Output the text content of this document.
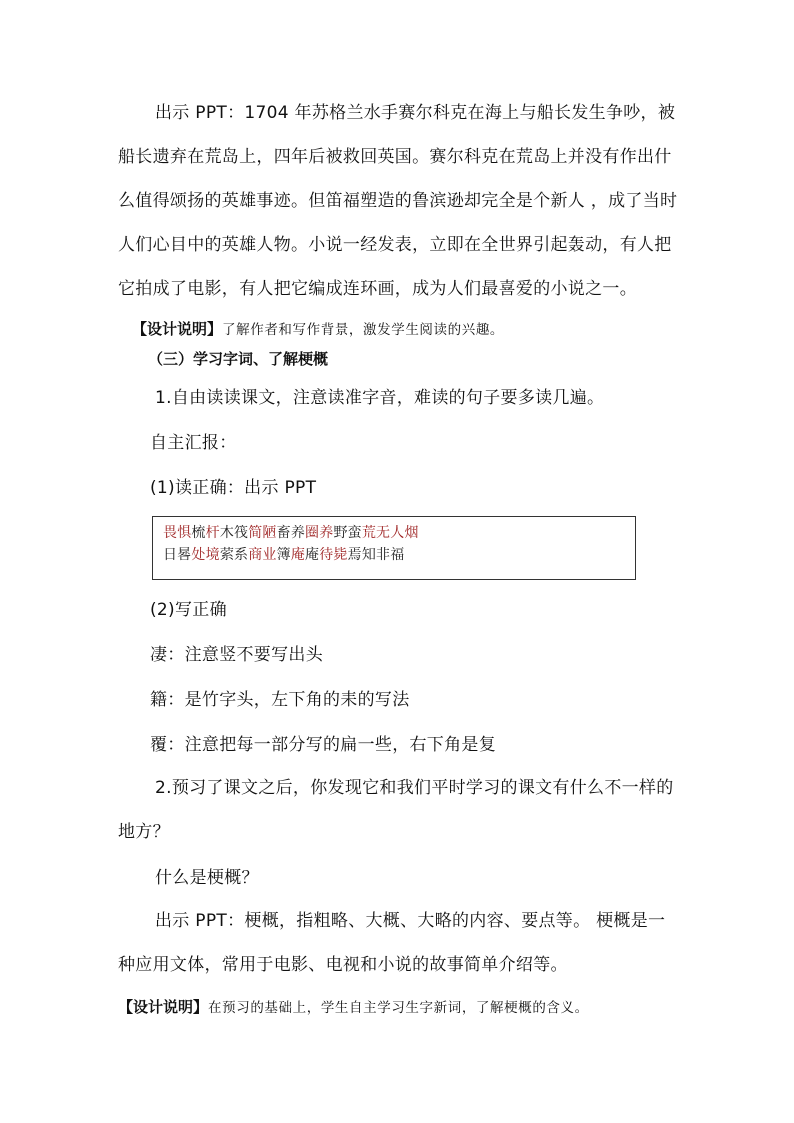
出示 PPT：1704 年苏格兰水手赛尔科克在海上与船长发生争吵，被
船长遗弃在荒岛上，四年后被救回英国。赛尔科克在荒岛上并没有作出什
么值得颂扬的英雄事迹。但笛福塑造的鲁滨逊却完全是个新人 ，成了当时
人们心目中的英雄人物。小说一经发表，立即在全世界引起轰动，有人把
它拍成了电影，有人把它编成连环画，成为人们最喜爱的小说之一。

【设计说明】了解作者和写作背景，激发学生阅读的兴趣。
（三）学习字词、了解梗概
1.自由读读课文，注意读准字音，难读的句子要多读几遍。
自主汇报：
(1)读正确：出示 PPT
畏惧梳杆木筏简陋畜养圈养野蛮荒无人烟
日晷处境萦系商业簿庵庵待毙焉知非福
(2)写正确
凄：注意竖不要写出头
籍：是竹字头，左下角的耒的写法
覆：注意把每一部分写的扁一些，右下角是复

2.预习了课文之后，你发现它和我们平时学习的课文有什么不一样的
地方？

什么是梗概？

出示 PPT：梗概，指粗略、大概、大略的内容、要点等。 梗概是一
种应用文体，常用于电影、电视和小说的故事简单介绍等。

【设计说明】在预习的基础上，学生自主学习生字新词，了解梗概的含义。
